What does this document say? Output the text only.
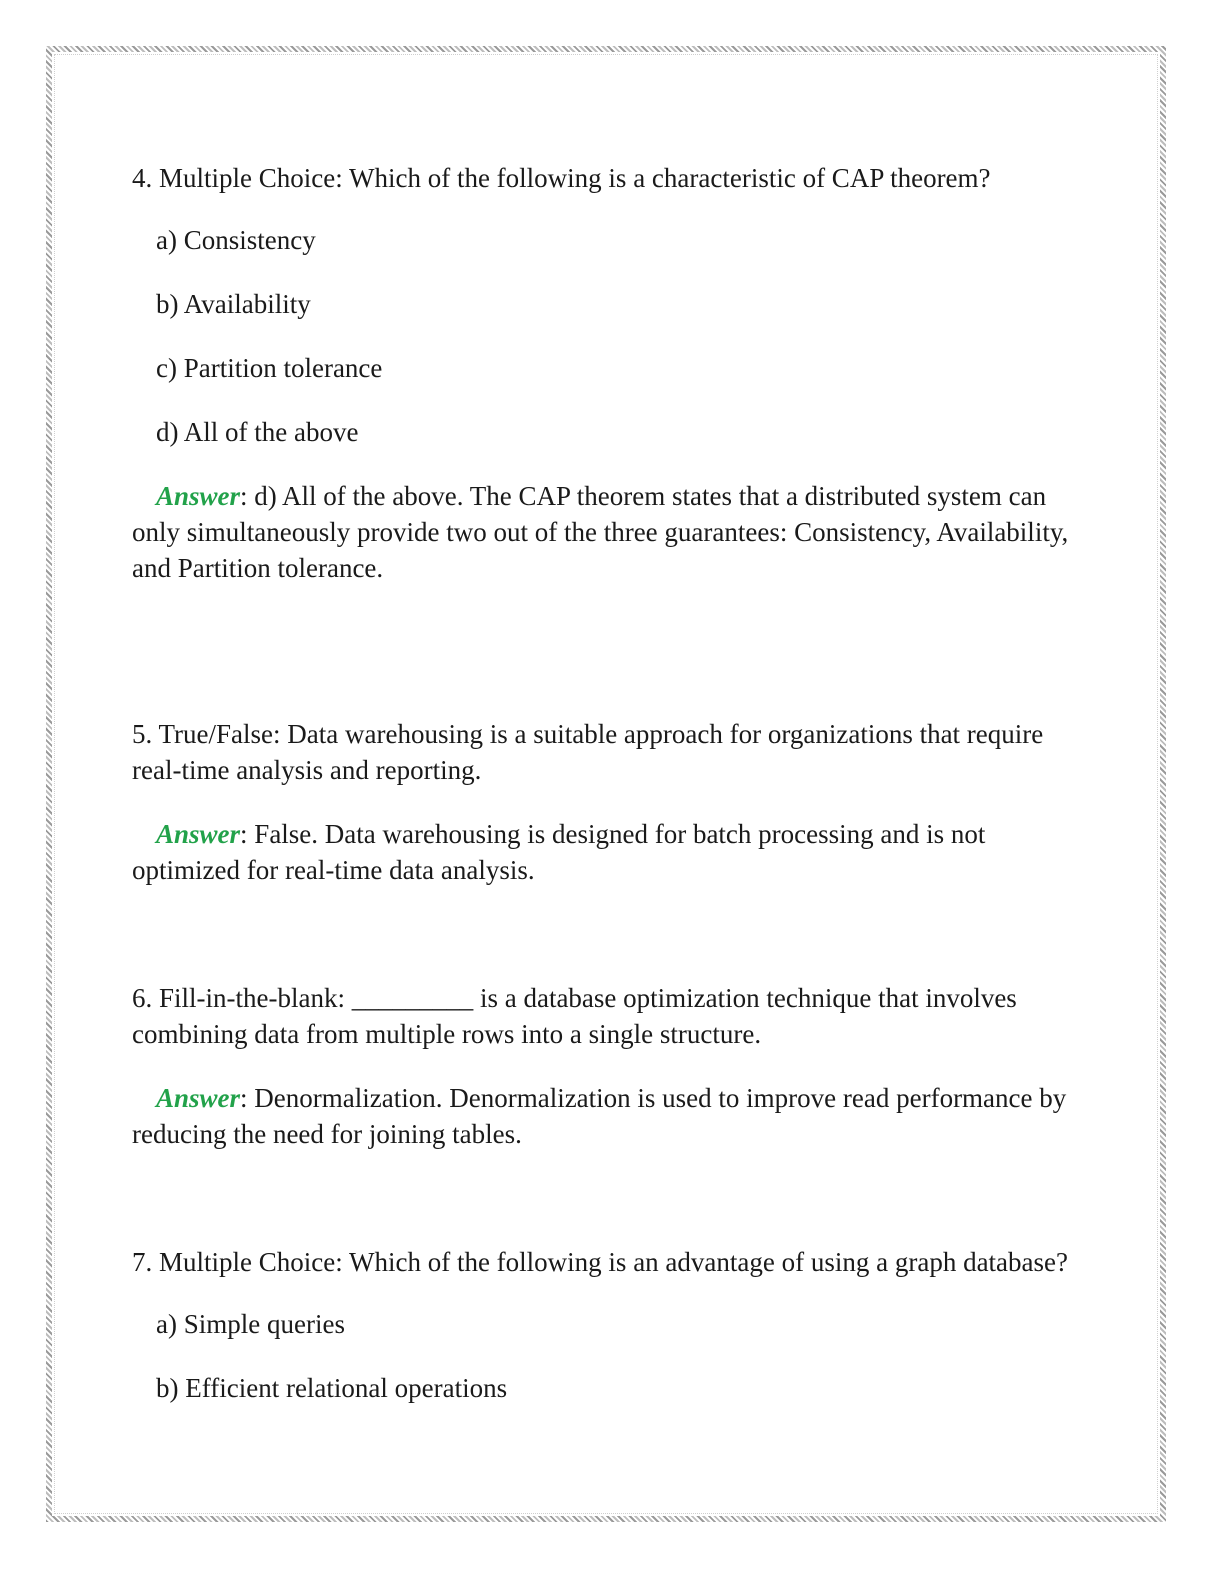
4. Multiple Choice: Which of the following is a characteristic of CAP theorem?

a) Consistency

b) Availability

c) Partition tolerance

d) All of the above

Answer: d) All of the above. The CAP theorem states that a distributed system can only simultaneously provide two out of the three guarantees: Consistency, Availability, and Partition tolerance.

5. True/False: Data warehousing is a suitable approach for organizations that require real-time analysis and reporting.

Answer: False. Data warehousing is designed for batch processing and is not optimized for real-time data analysis.

6. Fill-in-the-blank: _________ is a database optimization technique that involves combining data from multiple rows into a single structure.

Answer: Denormalization. Denormalization is used to improve read performance by reducing the need for joining tables.

7. Multiple Choice: Which of the following is an advantage of using a graph database?

a) Simple queries

b) Efficient relational operations
